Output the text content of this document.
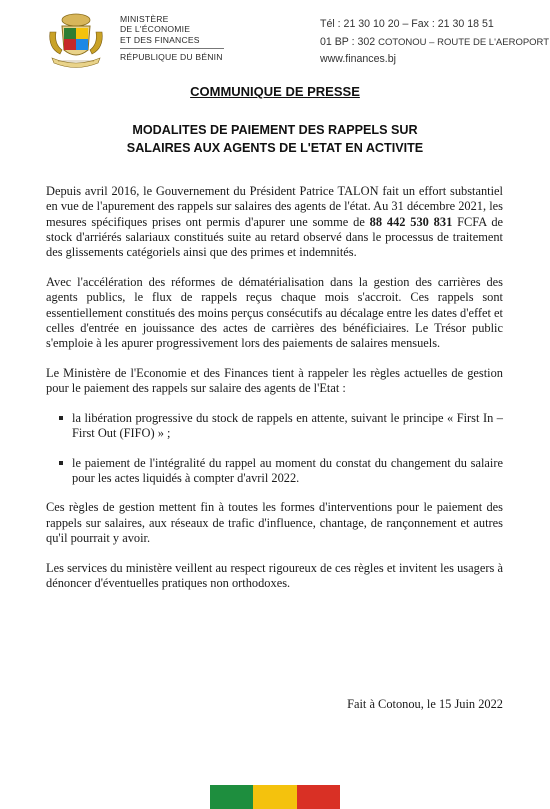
MINISTÈRE
DE L'ÉCONOMIE
ET DES FINANCES
RÉPUBLIQUE DU BÉNIN
Tél : 21 30 10 20 – Fax : 21 30 18 51
01 BP : 302 COTONOU – ROUTE DE L'AEROPORT
www.finances.bj
COMMUNIQUE DE PRESSE
MODALITES DE PAIEMENT DES RAPPELS SUR
SALAIRES AUX AGENTS DE L'ETAT EN ACTIVITE

Depuis avril 2016, le Gouvernement du Président Patrice TALON fait un effort substantiel en vue de l'apurement des rappels sur salaires des agents de l'état. Au 31 décembre 2021, les mesures spécifiques prises ont permis d'apurer une somme de 88 442 530 831 FCFA de stock d'arriérés salariaux constitués suite au retard observé dans le processus de traitement des glissements catégoriels ainsi que des primes et indemnités.

Avec l'accélération des réformes de dématérialisation dans la gestion des carrières des agents publics, le flux de rappels reçus chaque mois s'accroit. Ces rappels sont essentiellement constitués des moins perçus consécutifs au décalage entre les dates d'effet et celles d'entrée en jouissance des actes de carrières des bénéficiaires. Le Trésor public s'emploie à les apurer progressivement lors des paiements de salaires mensuels.

Le Ministère de l'Economie et des Finances tient à rappeler les règles actuelles de gestion pour le paiement des rappels sur salaire des agents de l'Etat :

la libération progressive du stock de rappels en attente, suivant le principe « First In – First Out (FIFO) » ;
le paiement de l'intégralité du rappel au moment du constat du changement du salaire pour les actes liquidés à compter d'avril 2022.

Ces règles de gestion mettent fin à toutes les formes d'interventions pour le paiement des rappels sur salaires, aux réseaux de trafic d'influence, chantage, de rançonnement et autres qu'il pourrait y avoir.

Les services du ministère veillent au respect rigoureux de ces règles et invitent les usagers à dénoncer d'éventuelles pratiques non orthodoxes.

Fait à Cotonou, le 15 Juin 2022
